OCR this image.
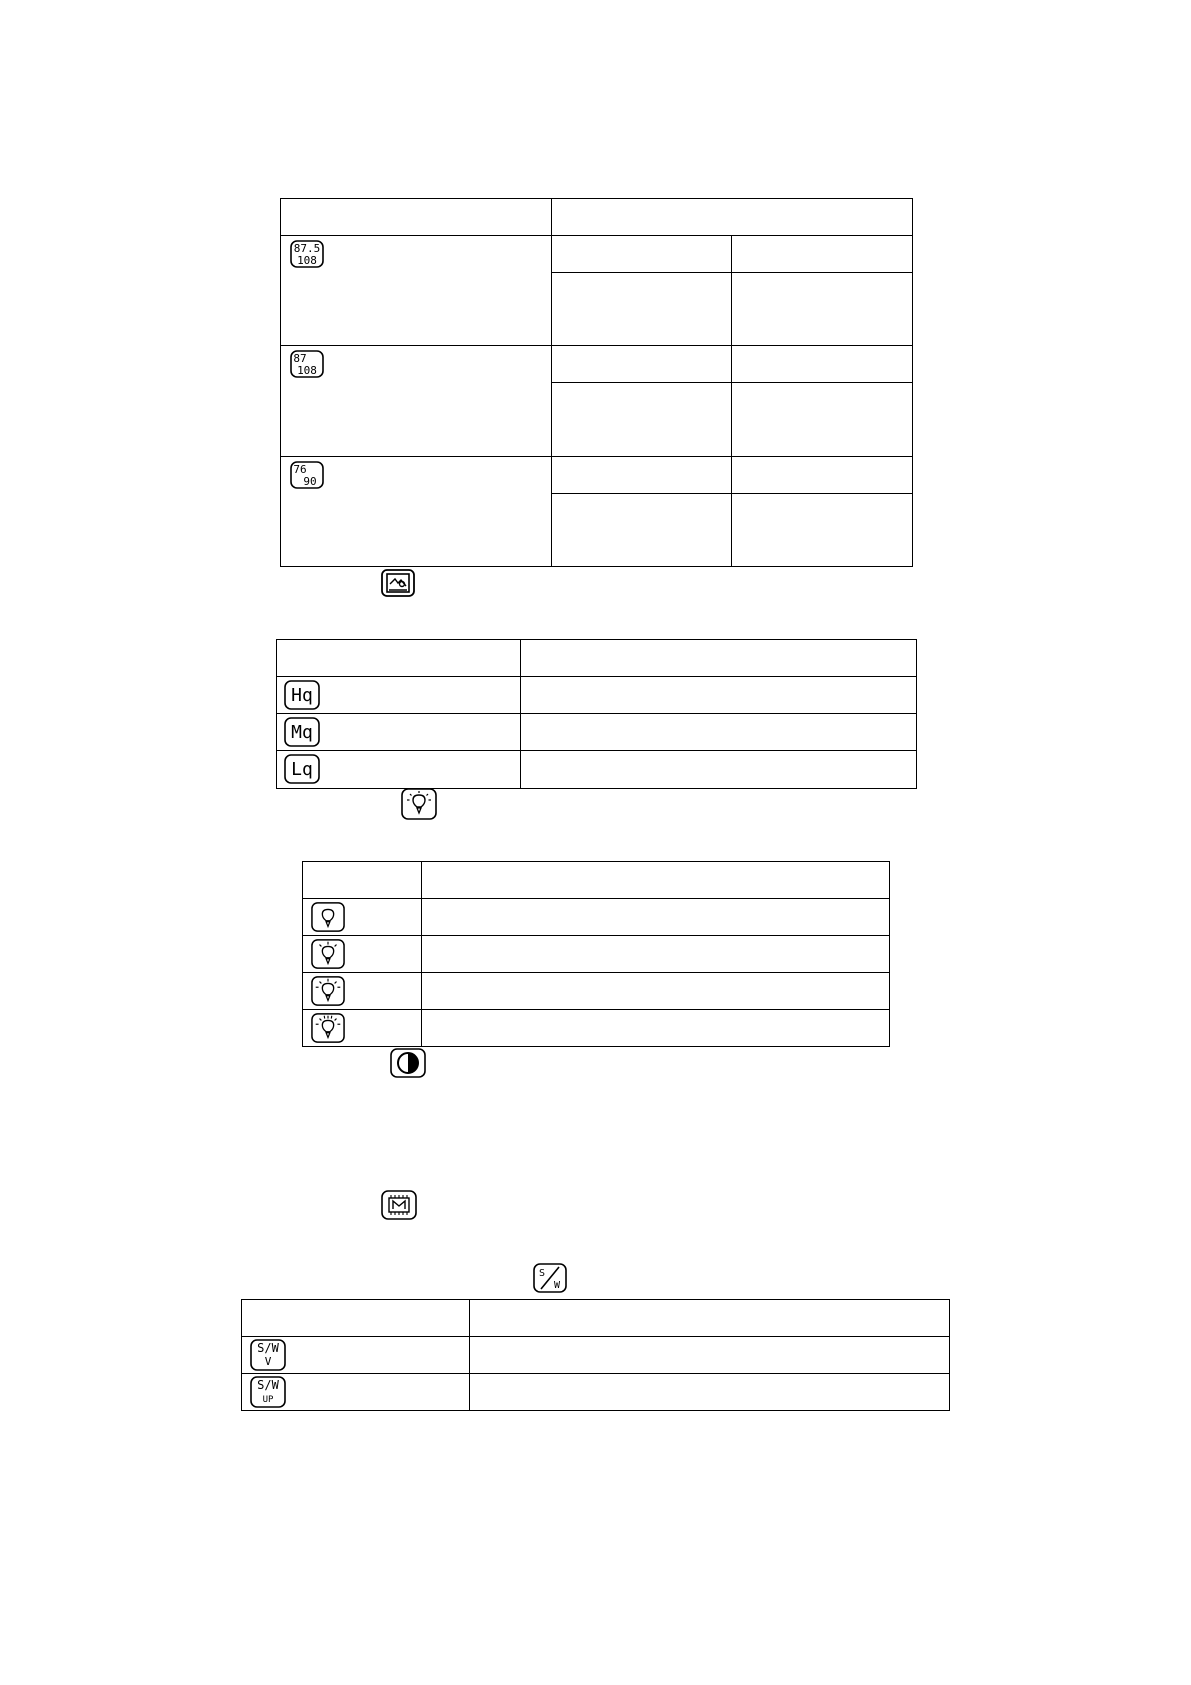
87.5
108		

87
108		

76
90		

Hq	

Mq	

Lq	

S
W

S/W
V	

S/W
UP	
